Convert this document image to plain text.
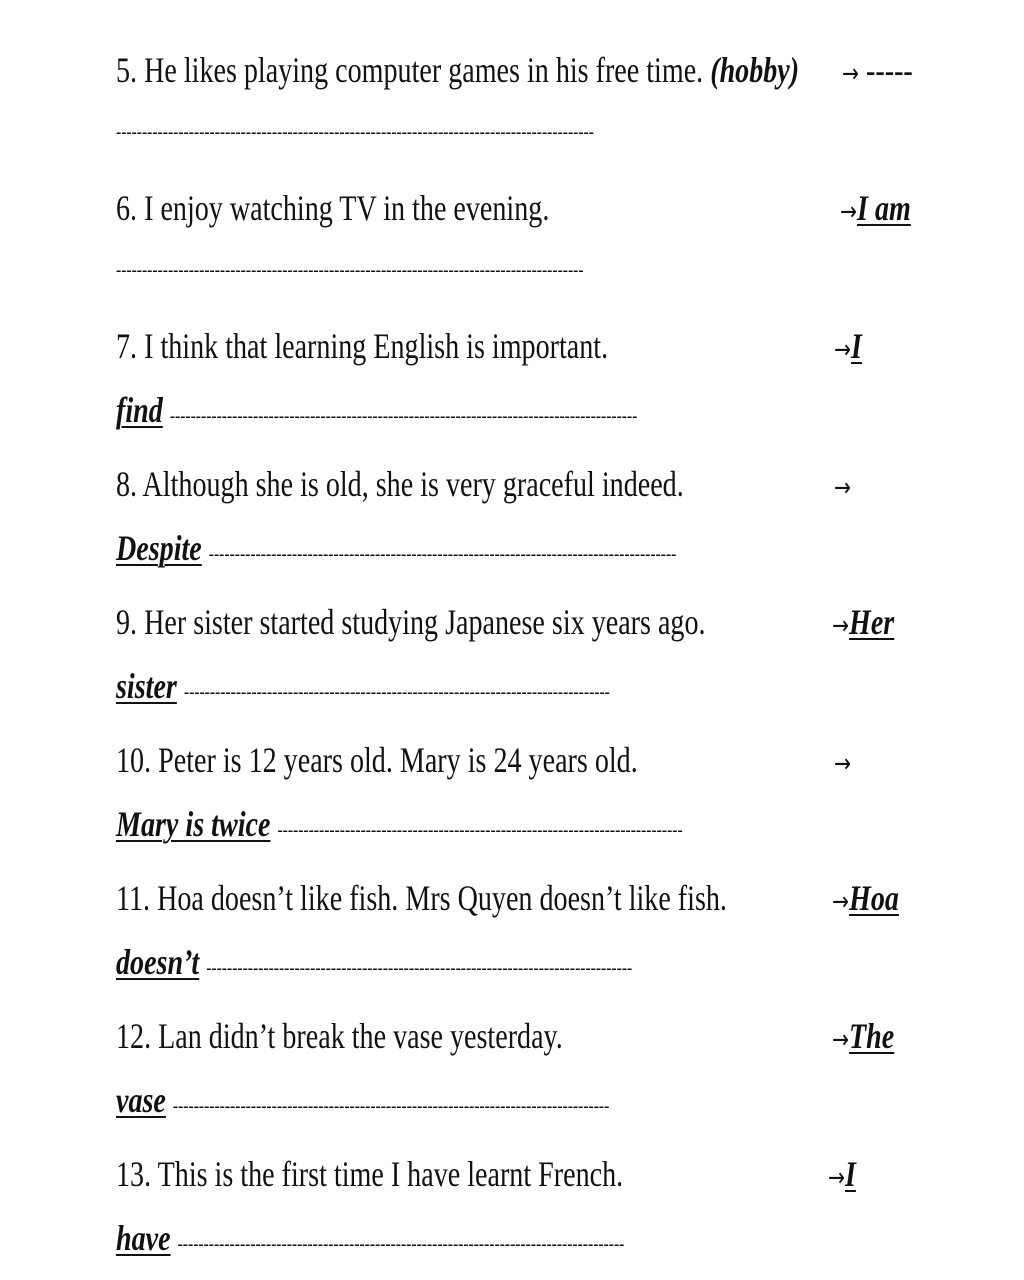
5. He likes playing computer games in his free time. (hobby) → -----
--------------------------------------------------------------------------------------------
6. I enjoy watching TV in the evening.	→I am
------------------------------------------------------------------------------------------
7. I think that learning English is important.	→I
find ------------------------------------------------------------------------------------------
8. Although she is old, she is very graceful indeed.	→
Despite ------------------------------------------------------------------------------------------
9. Her sister started studying Japanese six years ago.	→Her
sister ----------------------------------------------------------------------------------
10. Peter is 12 years old. Mary is 24 years old.	→
Mary is twice ------------------------------------------------------------------------------
11. Hoa doesn’t like fish. Mrs Quyen doesn’t like fish.	→Hoa
doesn’t ----------------------------------------------------------------------------------
12. Lan didn’t break the vase yesterday.	→The
vase ------------------------------------------------------------------------------------
13. This is the first time I have learnt French.	→I
have --------------------------------------------------------------------------------------
